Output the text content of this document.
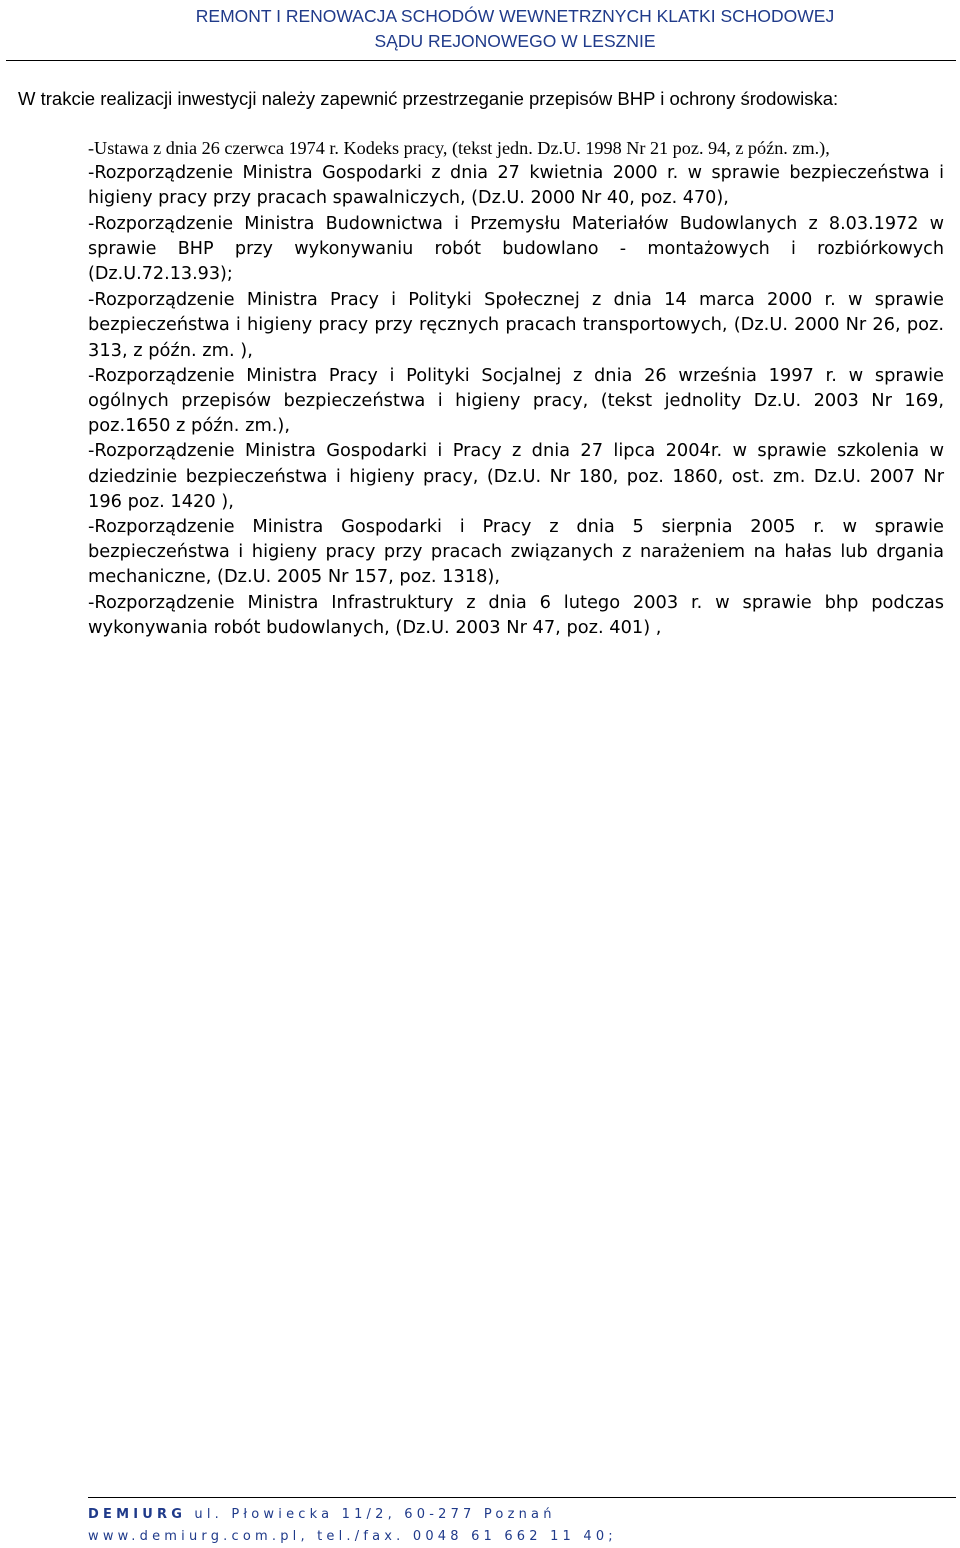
REMONT I RENOWACJA SCHODÓW WEWNETRZNYCH KLATKI SCHODOWEJ
SĄDU REJONOWEGO W LESZNIE

W trakcie realizacji inwestycji należy zapewnić przestrzeganie przepisów BHP i ochrony środowiska:

-Ustawa z dnia 26 czerwca 1974 r. Kodeks pracy, (tekst jedn. Dz.U. 1998 Nr 21 poz. 94, z późn. zm.),
-Rozporządzenie Ministra Gospodarki z dnia 27 kwietnia 2000 r. w sprawie bezpieczeństwa i higieny pracy przy pracach spawalniczych, (Dz.U. 2000 Nr 40, poz. 470),
-Rozporządzenie Ministra Budownictwa i Przemysłu Materiałów Budowlanych z 8.03.1972 w sprawie BHP przy wykonywaniu robót budowlano - montażowych i rozbiórkowych (Dz.U.72.13.93);
-Rozporządzenie Ministra Pracy i Polityki Społecznej z dnia 14 marca 2000 r. w sprawie bezpieczeństwa i higieny pracy przy ręcznych pracach transportowych, (Dz.U. 2000 Nr 26, poz. 313, z późn. zm. ),
-Rozporządzenie Ministra Pracy i Polityki Socjalnej z dnia 26 września 1997 r. w sprawie ogólnych przepisów bezpieczeństwa i higieny pracy, (tekst jednolity Dz.U. 2003 Nr 169, poz.1650 z późn. zm.),
-Rozporządzenie Ministra Gospodarki i Pracy z dnia 27 lipca 2004r. w sprawie szkolenia w dziedzinie bezpieczeństwa i higieny pracy, (Dz.U. Nr 180, poz. 1860, ost. zm. Dz.U. 2007 Nr 196 poz. 1420 ),
-Rozporządzenie Ministra Gospodarki i Pracy z dnia 5 sierpnia 2005 r. w sprawie bezpieczeństwa i higieny pracy przy pracach związanych z narażeniem na hałas lub drgania mechaniczne, (Dz.U. 2005 Nr 157, poz. 1318),
-Rozporządzenie Ministra Infrastruktury z dnia 6 lutego 2003 r. w sprawie bhp podczas wykonywania robót budowlanych, (Dz.U. 2003 Nr 47, poz. 401) ,
DEMIURG ul. Płowiecka 11/2, 60-277 Poznań
www.demiurg.com.pl, tel./fax. 0048 61 662 11 40;
